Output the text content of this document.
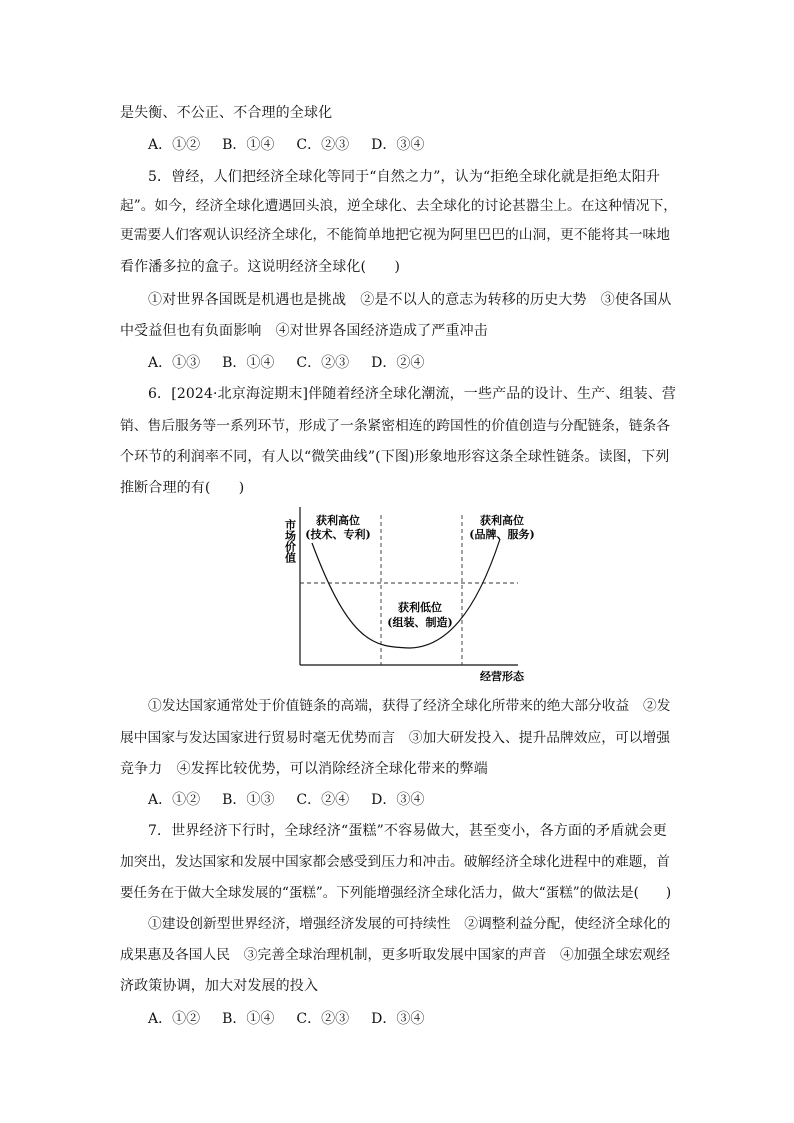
是失衡、不公正、不合理的全球化
A．①② B．①④ C．②③ D．③④
5．曾经，人们把经济全球化等同于“自然之力”，认为“拒绝全球化就是拒绝太阳升
起”。如今，经济全球化遭遇回头浪，逆全球化、去全球化的讨论甚嚣尘上。在这种情况下，
更需要人们客观认识经济全球化，不能简单地把它视为阿里巴巴的山洞，更不能将其一味地
看作潘多拉的盒子。这说明经济全球化(　　)
①对世界各国既是机遇也是挑战　②是不以人的意志为转移的历史大势　③使各国从
中受益但也有负面影响　④对世界各国经济造成了严重冲击
A．①③ B．①④ C．②③ D．②④
6．[2024·北京海淀期末]伴随着经济全球化潮流，一些产品的设计、生产、组装、营
销、售后服务等一系列环节，形成了一条紧密相连的跨国性的价值创造与分配链条，链条各
个环节的利润率不同，有人以“微笑曲线”(下图)形象地形容这条全球性链条。读图，下列
推断合理的有(　　)
市场价值 获利高位
(技术、专利)
获利低位
(组装、制造)
获利高位
(品牌、服务)
经营形态
①发达国家通常处于价值链条的高端，获得了经济全球化所带来的绝大部分收益　②发
展中国家与发达国家进行贸易时毫无优势而言　③加大研发投入、提升品牌效应，可以增强
竞争力　④发挥比较优势，可以消除经济全球化带来的弊端
A．①② B．①③ C．②④ D．③④
7．世界经济下行时，全球经济“蛋糕”不容易做大，甚至变小，各方面的矛盾就会更
加突出，发达国家和发展中国家都会感受到压力和冲击。破解经济全球化进程中的难题，首
要任务在于做大全球发展的“蛋糕”。下列能增强经济全球化活力，做大“蛋糕”的做法是(　　)
①建设创新型世界经济，增强经济发展的可持续性　②调整利益分配，使经济全球化的
成果惠及各国人民　③完善全球治理机制，更多听取发展中国家的声音　④加强全球宏观经
济政策协调，加大对发展的投入
A．①② B．①④ C．②③ D．③④
